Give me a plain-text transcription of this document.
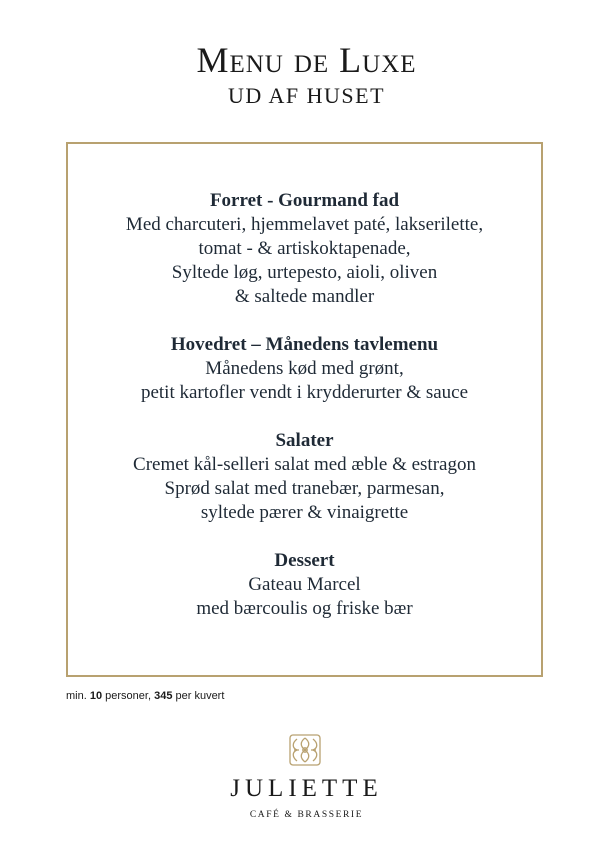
Menu de Luxe
UD AF HUSET
Forret - Gourmand fad
Med charcuteri, hjemmelavet paté, lakserilette,
tomat - & artiskoktapenade,
Syltede løg, urtepesto, aioli, oliven
& saltede mandler
Hovedret – Månedens tavlemenu
Månedens kød med grønt,
petit kartofler vendt i krydderurter & sauce
Salater
Cremet kål-selleri salat med æble & estragon
Sprød salat med tranebær, parmesan,
syltede pærer & vinaigrette
Dessert
Gateau Marcel
med bærcoulis og friske bær
min. 10 personer, 345 per kuvert
JULIETTE
CAFÉ & BRASSERIE
